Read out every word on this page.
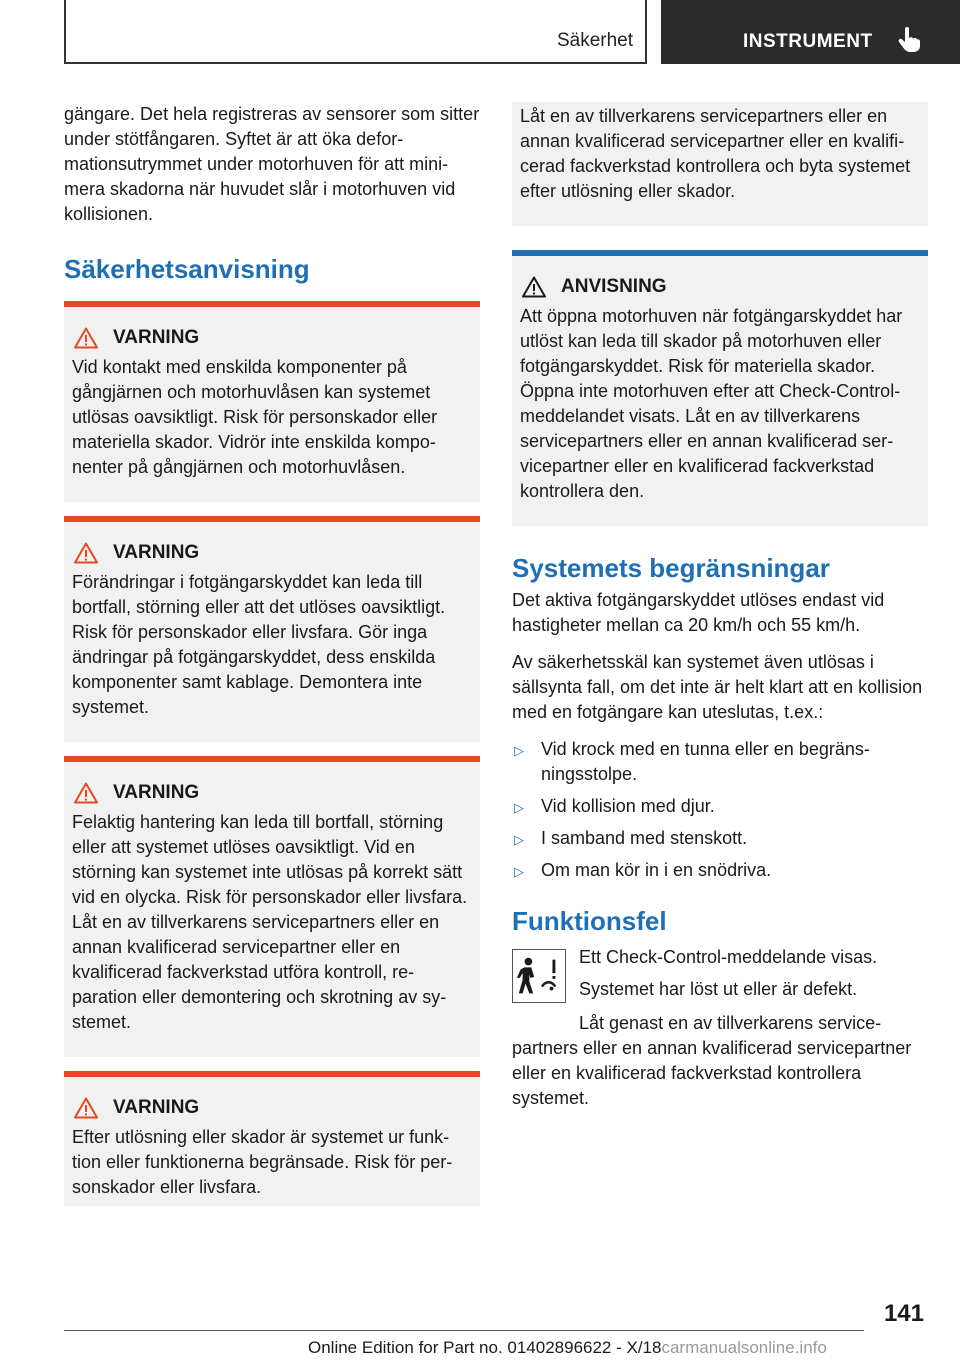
Säkerhet	INSTRUMENT

gängare. Det hela registreras av sensorer som sitter under stötfångaren. Syftet är att öka deformationsutrymmet under motorhuven för att minimera skadorna när huvudet slår i motorhuven vid kollisionen.

Säkerhetsanvisning
VARNING

Vid kontakt med enskilda komponenter på gångjärnen och motorhuvlåsen kan systemet utlösas oavsiktligt. Risk för personskador eller materiella skador. Vidrör inte enskilda komponenter på gångjärnen och motorhuvlåsen.

VARNING

Förändringar i fotgängarskyddet kan leda till bortfall, störning eller att det utlöses oavsiktligt. Risk för personskador eller livsfara. Gör inga ändringar på fotgängarskyddet, dess enskilda komponenter samt kablage. Demontera inte systemet.

VARNING

Felaktig hantering kan leda till bortfall, störning eller att systemet utlöses oavsiktligt. Vid en störning kan systemet inte utlösas på korrekt sätt vid en olycka. Risk för personskador eller livsfara. Låt en av tillverkarens servicepartners eller en annan kvalificerad servicepartner eller en kvalificerad fackverkstad utföra kontroll, reparation eller demontering och skrotning av systemet.

VARNING

Efter utlösning eller skador är systemet ur funktion eller funktionerna begränsade. Risk för personskador eller livsfara.

Låt en av tillverkarens servicepartners eller en annan kvalificerad servicepartner eller en kvalificerad fackverkstad kontrollera och byta systemet efter utlösning eller skador.

ANVISNING

Att öppna motorhuven när fotgängarskyddet har utlöst kan leda till skador på motorhuven eller fotgängarskyddet. Risk för materiella skador. Öppna inte motorhuven efter att Check-Control-meddelandet visats. Låt en av tillverkarens servicepartners eller en annan kvalificerad servicepartner eller en kvalificerad fackverkstad kontrollera den.

Systemets begränsningar

Det aktiva fotgängarskyddet utlöses endast vid hastigheter mellan ca 20 km/h och 55 km/h.

Av säkerhetsskäl kan systemet även utlösas i sällsynta fall, om det inte är helt klart att en kollision med en fotgängare kan uteslutas, t.ex.:

▷ Vid krock med en tunna eller en begränsningsstolpe.
▷ Vid kollision med djur.
▷ I samband med stenskott.
▷ Om man kör in i en snödriva.
Funktionsfel

Ett Check-Control-meddelande visas.

Systemet har löst ut eller är defekt.

Låt genast en av tillverkarens servicepartners eller en annan kvalificerad servicepartner eller en kvalificerad fackverkstad kontrollera systemet.

141
Online Edition for Part no. 01402896622 - X/18carmanualsonline.info
